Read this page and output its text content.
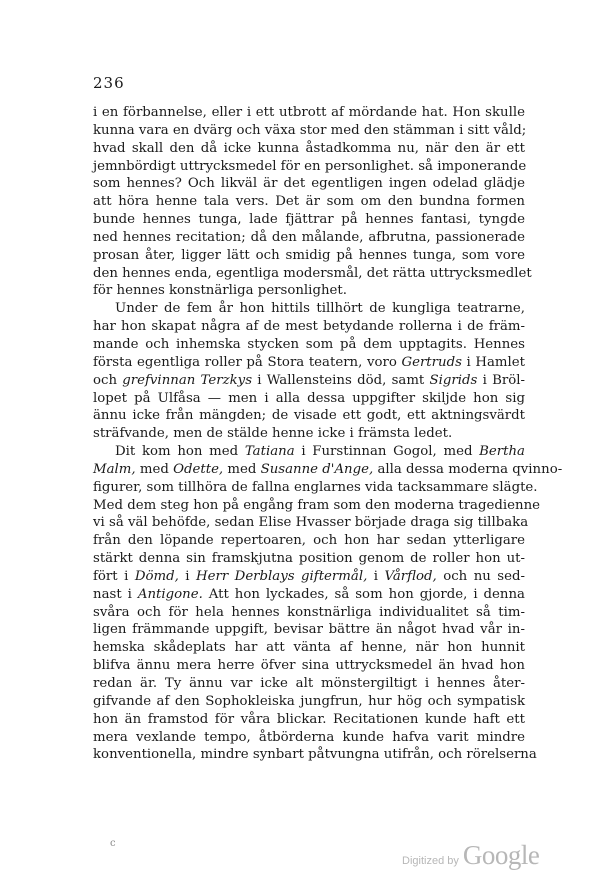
236
i en förbannelse, eller i ett utbrott af mördande hat. Hon skulle
kunna vara en dvärg och växa stor med den stämman i sitt våld;
hvad skall den då icke kunna åstadkomma nu, när den är ett
jemnbördigt uttrycksmedel för en personlighet. så imponerande
som hennes? Och likväl är det egentligen ingen odelad glädje
att höra henne tala vers. Det är som om den bundna formen
bunde hennes tunga, lade fjättrar på hennes fantasi, tyngde
ned hennes recitation; då den målande, afbrutna, passionerade
prosan åter, ligger lätt och smidig på hennes tunga, som vore
den hennes enda, egentliga modersmål, det rätta uttrycksmedlet
för hennes konstnärliga personlighet.
Under de fem år hon hittils tillhört de kungliga teatrarne,
har hon skapat några af de mest betydande rollerna i de främ-
mande och inhemska stycken som på dem upptagits. Hennes
första egentliga roller på Stora teatern, voro Gertruds i Hamlet
och grefvinnan Terzkys i Wallensteins död, samt Sigrids i Bröl-
lopet på Ulfåsa — men i alla dessa uppgifter skiljde hon sig
ännu icke från mängden; de visade ett godt, ett aktningsvärdt
sträfvande, men de stälde henne icke i främsta ledet.
Dit kom hon med Tatiana i Furstinnan Gogol, med Bertha
Malm, med Odette, med Susanne d'Ange, alla dessa moderna qvinno-
figurer, som tillhöra de fallna englarnes vida tacksammare slägte.
Med dem steg hon på engång fram som den moderna tragedienne
vi så väl behöfde, sedan Elise Hvasser började draga sig tillbaka
från den löpande repertoaren, och hon har sedan ytterligare
stärkt denna sin framskjutna position genom de roller hon ut-
fört i Dömd, i Herr Derblays giftermål, i Vårflod, och nu sed-
nast i Antigone. Att hon lyckades, så som hon gjorde, i denna
svåra och för hela hennes konstnärliga individualitet så tim-
ligen främmande uppgift, bevisar bättre än något hvad vår in-
hemska skådeplats har att vänta af henne, när hon hunnit
blifva ännu mera herre öfver sina uttrycksmedel än hvad hon
redan är. Ty ännu var icke alt mönstergiltigt i hennes åter-
gifvande af den Sophokleiska jungfrun, hur hög och sympatisk
hon än framstod för våra blickar. Recitationen kunde haft ett
mera vexlande tempo, åtbörderna kunde hafva varit mindre
konventionella, mindre synbart påtvungna utifrån, och rörelserna
c
Digitized by Google
